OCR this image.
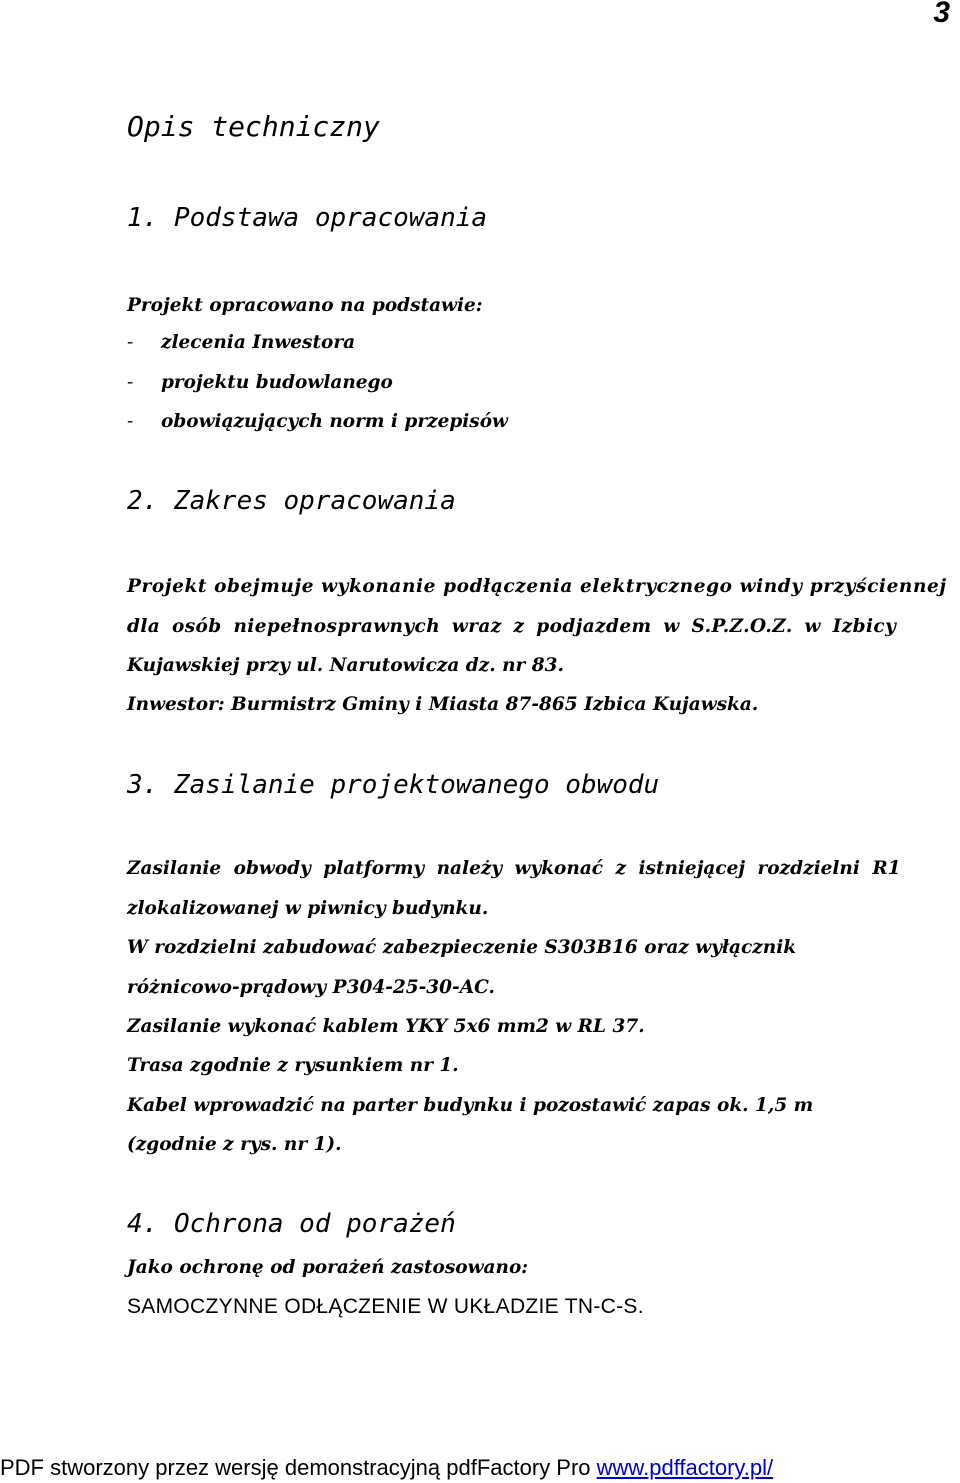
3
Opis techniczny
1. Podstawa opracowania
Projekt opracowano na podstawie:
- zlecenia Inwestora
- projektu budowlanego
- obowiązujących norm i przepisów
2. Zakres opracowania
Projekt obejmuje wykonanie podłączenia elektrycznego windy przyściennej
dla osób niepełnosprawnych wraz z podjazdem w S.P.Z.O.Z. w Izbicy
Kujawskiej przy ul. Narutowicza dz. nr 83.
Inwestor: Burmistrz Gminy i Miasta 87-865 Izbica Kujawska.
3. Zasilanie projektowanego obwodu
Zasilanie obwody platformy należy wykonać z istniejącej rozdzielni R1
zlokalizowanej w piwnicy budynku.
W rozdzielni zabudować zabezpieczenie S303B16 oraz wyłącznik
różnicowo-prądowy P304-25-30-AC.
Zasilanie wykonać kablem YKY 5x6 mm2 w RL 37.
Trasa zgodnie z rysunkiem nr 1.
Kabel wprowadzić na parter budynku i pozostawić zapas ok. 1,5 m
(zgodnie z rys. nr 1).
4. Ochrona od porażeń
Jako ochronę od porażeń zastosowano:
SAMOCZYNNE ODŁĄCZENIE W UKŁADZIE TN-C-S.
PDF stworzony przez wersję demonstracyjną pdfFactory Pro www.pdffactory.pl/
